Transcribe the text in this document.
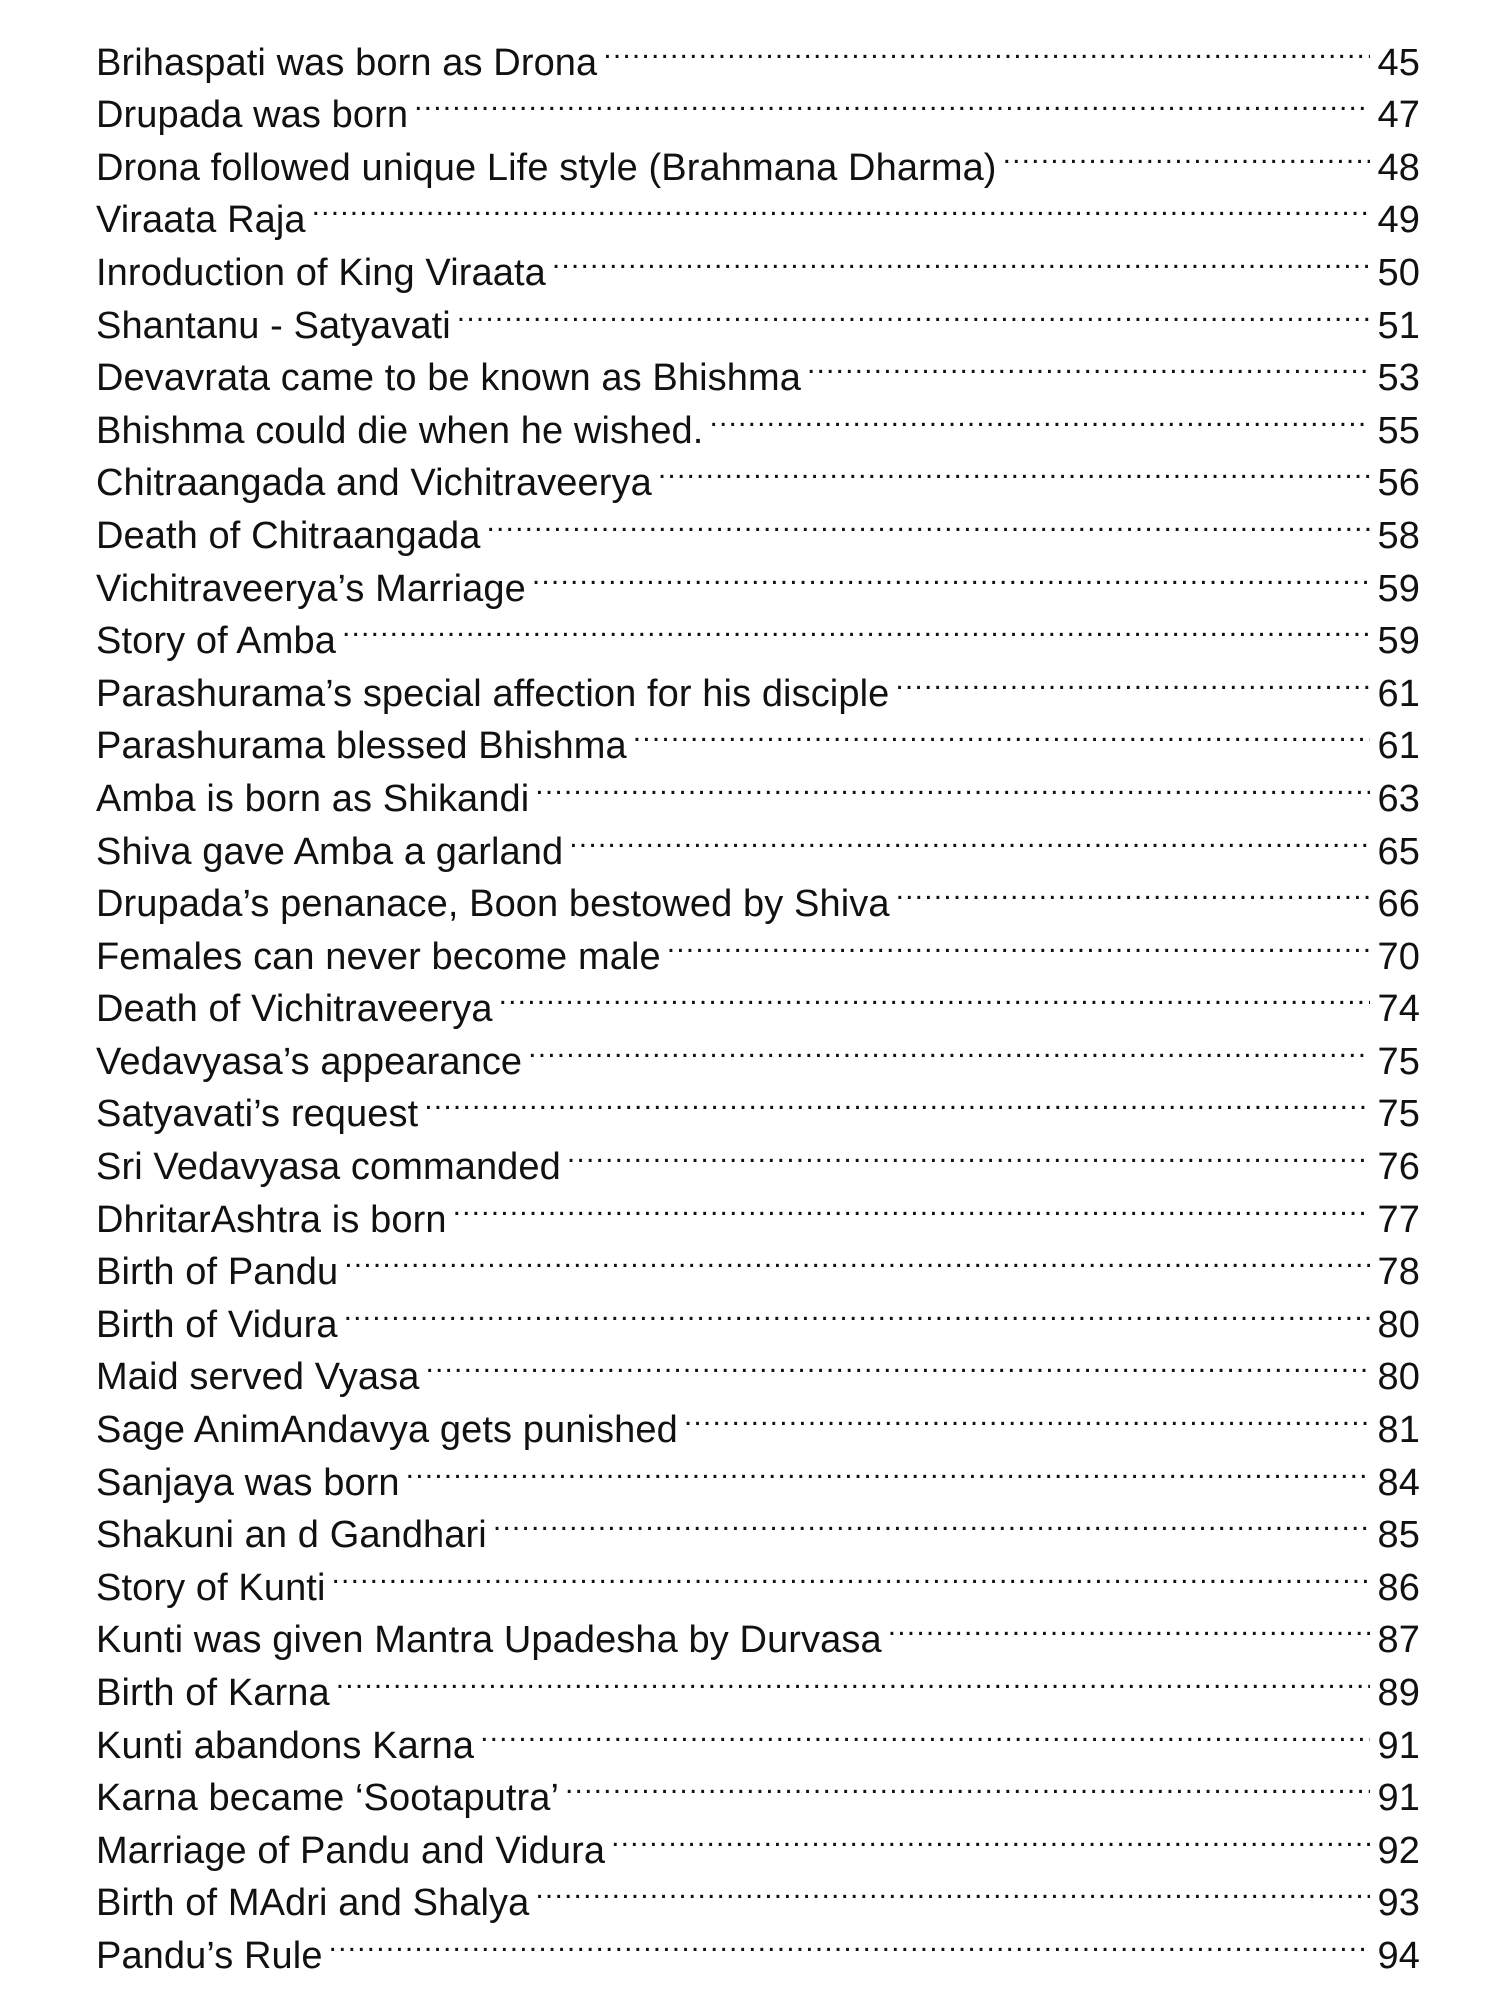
Brihaspati was born as Drona .....	45
Drupada was born .....	47
Drona followed unique Life style (Brahmana Dharma) .....	48
Viraata Raja .....	49
Inroduction of King Viraata .....	50
Shantanu - Satyavati .....	51
Devavrata came to be known as Bhishma .....	53
Bhishma could die when he wished. .....	55
Chitraangada and Vichitraveerya .....	56
Death of Chitraangada .....	58
Vichitraveerya’s Marriage .....	59
Story of Amba .....	59
Parashurama’s special affection for his disciple .....	61
Parashurama blessed Bhishma .....	61
Amba is born as Shikandi .....	63
Shiva gave Amba a garland .....	65
Drupada’s penanace, Boon bestowed by Shiva .....	66
Females can never become male .....	70
Death of Vichitraveerya .....	74
Vedavyasa’s appearance .....	75
Satyavati’s request .....	75
Sri Vedavyasa commanded .....	76
DhritarAshtra is born .....	77
Birth of Pandu .....	78
Birth of Vidura .....	80
Maid served Vyasa .....	80
Sage AnimAndavya gets punished .....	81
Sanjaya was born .....	84
Shakuni an d Gandhari .....	85
Story of Kunti .....	86
Kunti was given Mantra Upadesha by Durvasa .....	87
Birth of Karna .....	89
Kunti abandons Karna .....	91
Karna became ‘Sootaputra’ .....	91
Marriage of Pandu and Vidura .....	92
Birth of MAdri and Shalya .....	93
Pandu’s Rule .....	94
